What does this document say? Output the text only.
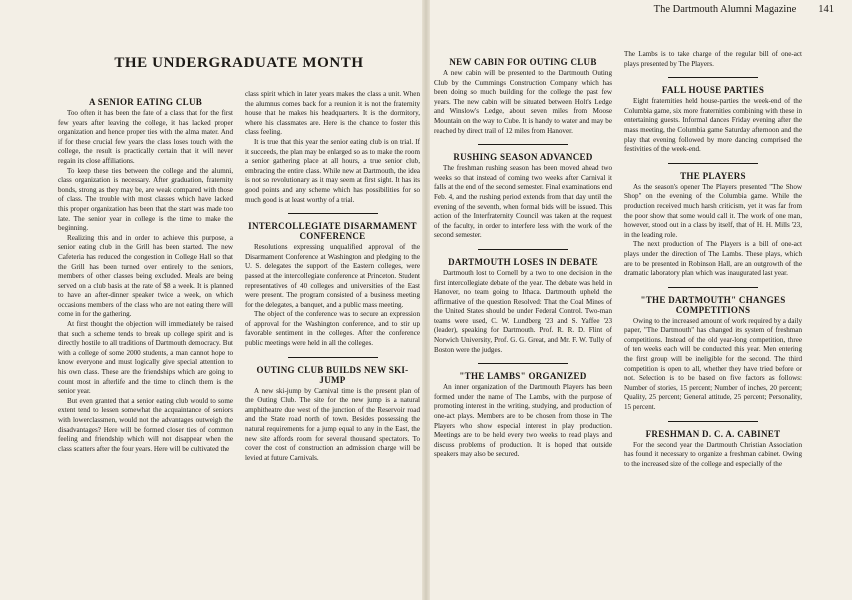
THE UNDERGRADUATE MONTH
A SENIOR EATING CLUB

Too often it has been the fate of a class that for the first few years after leaving the college, it has lacked proper organization and hence proper ties with the alma mater. And if for these crucial few years the class loses touch with the college, the result is practically certain that it will never regain its close affiliations.

To keep these ties between the college and the alumni, class organization is necessary. After graduation, fraternity bonds, strong as they may be, are weak compared with those of class. The trouble with most classes which have lacked this proper organization has been that the start was made too late. The senior year in college is the time to make the beginning.

Realizing this and in order to achieve this purpose, a senior eating club in the Grill has been started. The new Cafeteria has reduced the congestion in College Hall so that the Grill has been turned over entirely to the seniors, members of other classes being excluded. Meals are being served on a club basis at the rate of $8 a week. It is planned to have an after-dinner speaker twice a week, on which occasions members of the class who are not eating there will come in for the gathering.

At first thought the objection will immediately be raised that such a scheme tends to break up college spirit and is directly hostile to all traditions of Dartmouth democracy. But with a college of some 2000 students, a man cannot hope to know everyone and must logically give special attention to his own class. These are the friendships which are going to count most in afterlife and the time to clinch them is the senior year.

But even granted that a senior eating club would to some extent tend to lessen somewhat the acquaintance of seniors with lowerclassmen, would not the advantages outweigh the disadvantages? Here will be formed closer ties of common feeling and friendship which will not disappear when the class scatters after the four years. Here will be cultivated the

class spirit which in later years makes the class a unit. When the alumnus comes back for a reunion it is not the fraternity house that he makes his headquarters. It is the dormitory, where his classmates are. Here is the chance to foster this class feeling.

It is true that this year the senior eating club is on trial. If it succeeds, the plan may be enlarged so as to make the room a senior gathering place at all hours, a true senior club, embracing the entire class. While new at Dartmouth, the idea is not so revolutionary as it may seem at first sight. It has its good points and any scheme which has possibilities for so much good is at least worthy of a trial.

INTERCOLLEGIATE DISARMAMENT CONFERENCE

Resolutions expressing unqualified approval of the Disarmament Conference at Washington and pledging to the U. S. delegates the support of the Eastern colleges, were passed at the intercollegiate conference at Princeton. Student representatives of 40 colleges and universities of the East were present. The program consisted of a business meeting for the delegates, a banquet, and a public mass meeting.

The object of the conference was to secure an expression of approval for the Washington conference, and to stir up favorable sentiment in the colleges. After the conference public meetings were held in all the colleges.

OUTING CLUB BUILDS NEW SKI-JUMP

A new ski-jump by Carnival time is the present plan of the Outing Club. The site for the new jump is a natural amphitheatre due west of the junction of the Reservoir road and the State road north of town. Besides possessing the natural requirements for a jump equal to any in the East, the new site affords room for several thousand spectators. To cover the cost of construction an admission charge will be levied at future Carnivals.

The Dartmouth Alumni Magazine 141
NEW CABIN FOR OUTING CLUB

A new cabin will be presented to the Dartmouth Outing Club by the Cummings Construction Company which has been doing so much building for the college the past few years. The new cabin will be situated between Holt's Ledge and Winslow's Ledge, about seven miles from Moose Mountain on the way to Cube. It is handy to water and may be reached by direct trail of 12 miles from Hanover.

RUSHING SEASON ADVANCED

The freshman rushing season has been moved ahead two weeks so that instead of coming two weeks after Carnival it falls at the end of the second semester. Final examinations end Feb. 4, and the rushing period extends from that day until the evening of the seventh, when formal bids will be issued. This action of the Interfraternity Council was taken at the request of the faculty, in order to interfere less with the work of the second semester.

DARTMOUTH LOSES IN DEBATE

Dartmouth lost to Cornell by a two to one decision in the first intercollegiate debate of the year. The debate was held in Hanover, no team going to Ithaca. Dartmouth upheld the affirmative of the question Resolved: That the Coal Mines of the United States should be under Federal Control. Two-man teams were used, C. W. Lundberg '23 and S. Yaffee '23 (leader), speaking for Dartmouth. Prof. R. R. D. Flint of Norwich University, Prof. G. G. Great, and Mr. F. W. Tully of Boston were the judges.

"THE LAMBS" ORGANIZED

An inner organization of the Dartmouth Players has been formed under the name of The Lambs, with the purpose of promoting interest in the writing, studying, and production of one-act plays. Members are to be chosen from those in The Players who show especial interest in play production. Meetings are to be held every two weeks to read plays and discuss problems of production. It is hoped that outside speakers may also be secured.

The Lambs is to take charge of the regular bill of one-act plays presented by The Players.

FALL HOUSE PARTIES

Eight fraternities held house-parties the week-end of the Columbia game, six more fraternities combining with these in entertaining guests. Informal dances Friday evening after the mass meeting, the Columbia game Saturday afternoon and the play that evening followed by more dancing comprised the festivities of the week-end.

THE PLAYERS

As the season's opener The Players presented "The Show Shop" on the evening of the Columbia game. While the production received much harsh criticism, yet it was far from the poor show that some would call it. The work of one man, however, stood out in a class by itself, that of H. H. Mills '23, in the leading role.

The next production of The Players is a bill of one-act plays under the direction of The Lambs. These plays, which are to be presented in Robinson Hall, are an outgrowth of the dramatic laboratory plan which was inaugurated last year.

"THE DARTMOUTH" CHANGES COMPETITIONS

Owing to the increased amount of work required by a daily paper, "The Dartmouth" has changed its system of freshman competitions. Instead of the old year-long competition, three of ten weeks each will be conducted this year. Men entering the first group will be ineligible for the second. The third competition is open to all, whether they have tried before or not. Selection is to be based on five factors as follows: Number of stories, 15 percent; Number of inches, 20 percent; Quality, 25 percent; General attitude, 25 percent; Personality, 15 percent.

FRESHMAN D. C. A. CABINET

For the second year the Dartmouth Christian Association has found it necessary to organize a freshman cabinet. Owing to the increased size of the college and especially of the
